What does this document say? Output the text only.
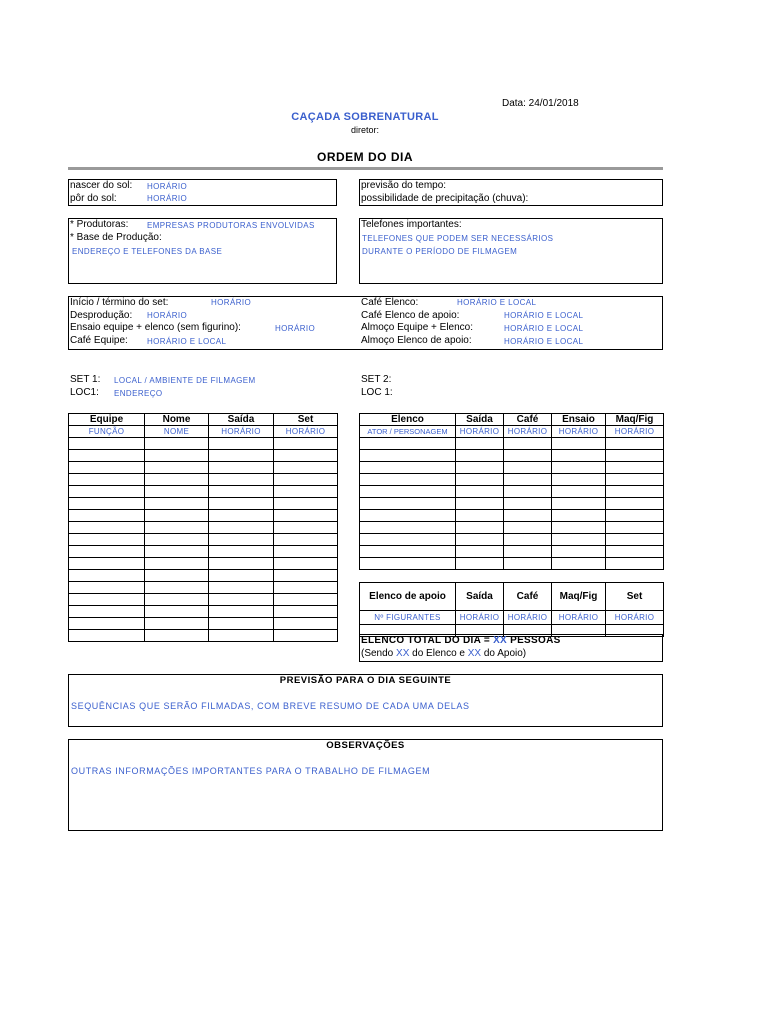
Data: 24/01/2018
CAÇADA SOBRENATURAL
diretor:
ORDEM DO DIA
nascer do sol: HORÁRIO
pôr do sol:	HORÁRIO
previsão do tempo:
possibilidade de precipitação (chuva):
* Produtoras: EMPRESAS PRODUTORAS ENVOLVIDAS
* Base de Produção:
ENDEREÇO E TELEFONES DA BASE
Telefones importantes:
TELEFONES QUE PODEM SER NECESSÁRIOS
DURANTE O PERÍODO DE FILMAGEM
Início / término do set:	HORÁRIO
Desprodução: HORÁRIO
Ensaio equipe + elenco (sem figurino):	HORÁRIO
Café Equipe: HORÁRIO E LOCAL
Café Elenco:	HORÁRIO E LOCAL
Café Elenco de apoio:	HORÁRIO E LOCAL
Almoço Equipe + Elenco:	HORÁRIO E LOCAL
Almoço Elenco de apoio:	HORÁRIO E LOCAL
SET 1: LOCAL / AMBIENTE DE FILMAGEM
LOC1: ENDEREÇO
SET 2:
LOC 1:
Equipe	Nome	Saída	Set
FUNÇÃO	NOME	HORÁRIO	HORÁRIO

Elenco	Saída	Café	Ensaio	Maq/Fig
ATOR / PERSONAGEM	HORÁRIO	HORÁRIO	HORÁRIO	HORÁRIO

Elenco de apoio	Saída	Café	Maq/Fig	Set
Nº FIGURANTES	HORÁRIO	HORÁRIO	HORÁRIO	HORÁRIO

ELENCO TOTAL DO DIA = XX PESSOAS
(Sendo XX do Elenco e XX do Apoio)
PREVISÃO PARA O DIA SEGUINTE
SEQUÊNCIAS QUE SERÃO FILMADAS, COM BREVE RESUMO DE CADA UMA DELAS
OBSERVAÇÕES
OUTRAS INFORMAÇÕES IMPORTANTES PARA O TRABALHO DE FILMAGEM
